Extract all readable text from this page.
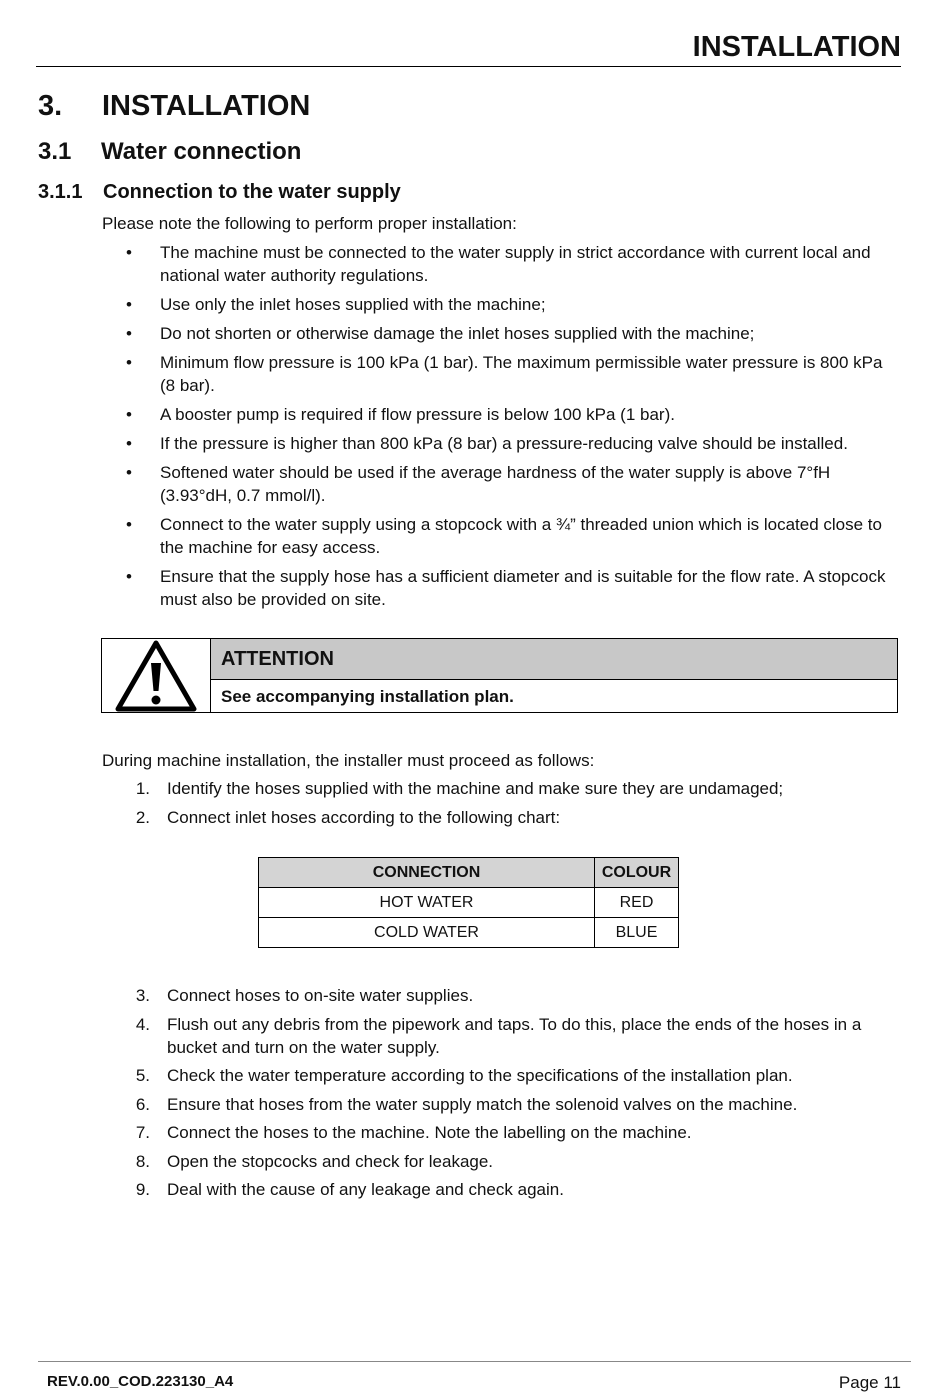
INSTALLATION
3. INSTALLATION
3.1 Water connection
3.1.1 Connection to the water supply
Please note the following to perform proper installation:
• The machine must be connected to the water supply in strict accordance with current local and national water authority regulations.
• Use only the inlet hoses supplied with the machine;
• Do not shorten or otherwise damage the inlet hoses supplied with the machine;
• Minimum flow pressure is 100 kPa (1 bar). The maximum permissible water pressure is 800 kPa (8 bar).
• A booster pump is required if flow pressure is below 100 kPa (1 bar).
• If the pressure is higher than 800 kPa (8 bar) a pressure-reducing valve should be installed.
• Softened water should be used if the average hardness of the water supply is above 7°fH (3.93°dH, 0.7 mmol/l).
• Connect to the water supply using a stopcock with a ¾” threaded union which is located close to the machine for easy access.
• Ensure that the supply hose has a sufficient diameter and is suitable for the flow rate. A stopcock must also be provided on site.
ATTENTION
See accompanying installation plan.
During machine installation, the installer must proceed as follows:
1. Identify the hoses supplied with the machine and make sure they are undamaged;
2. Connect inlet hoses according to the following chart:
CONNECTION	COLOUR
HOT WATER	RED
COLD WATER	BLUE
3. Connect hoses to on-site water supplies.
4. Flush out any debris from the pipework and taps. To do this, place the ends of the hoses in a bucket and turn on the water supply.
5. Check the water temperature according to the specifications of the installation plan.
6. Ensure that hoses from the water supply match the solenoid valves on the machine.
7. Connect the hoses to the machine. Note the labelling on the machine.
8. Open the stopcocks and check for leakage.
9. Deal with the cause of any leakage and check again.
REV.0.00_COD.223130_A4	Page 11
